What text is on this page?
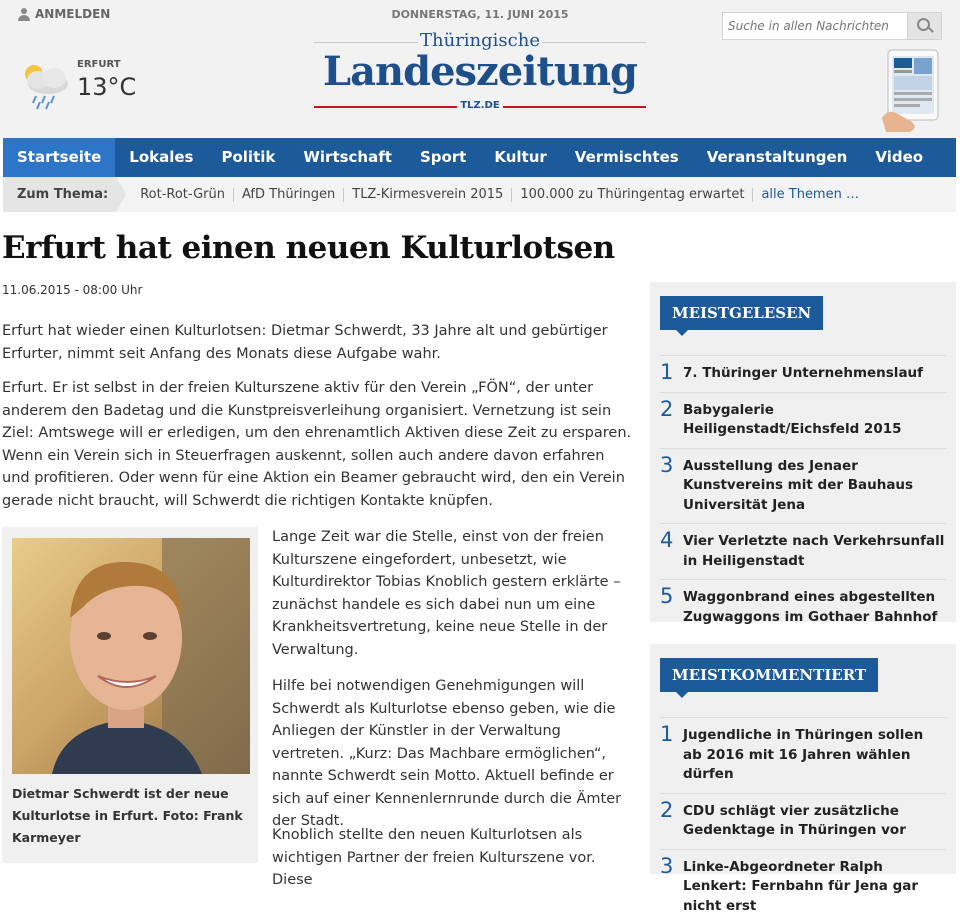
ANMELDEN	DONNERSTAG, 11. JUNI 2015
ERFURT
13°C
Thüringische
Landeszeitung
TLZ.DE
Suche in allen Nachrichten
Startseite	Lokales	Politik	Wirtschaft	Sport	Kultur	Vermischtes	Veranstaltungen	Video
Zum Thema:	Rot-Rot-Grün	AfD Thüringen	TLZ-Kirmesverein 2015	100.000 zu Thüringentag erwartet	alle Themen …
Erfurt hat einen neuen Kulturlotsen
11.06.2015 - 08:00 Uhr

Erfurt hat wieder einen Kulturlotsen: Dietmar Schwerdt, 33 Jahre alt und gebürtiger Erfurter, nimmt seit Anfang des Monats diese Aufgabe wahr.

Erfurt. Er ist selbst in der freien Kulturszene aktiv für den Verein „FÖN“, der unter anderem den Badetag und die Kunstpreisverleihung organisiert. Vernetzung ist sein Ziel: Amtswege will er erledigen, um den ehrenamtlich Aktiven diese Zeit zu ersparen. Wenn ein Verein sich in Steuerfragen auskennt, sollen auch andere davon erfahren und profitieren. Oder wenn für eine Aktion ein Beamer gebraucht wird, den ein Verein gerade nicht braucht, will Schwerdt die richtigen Kontakte knüpfen.

Dietmar Schwerdt ist der neue Kulturlotse in Erfurt. Foto: Frank Karmeyer

Lange Zeit war die Stelle, einst von der freien Kulturszene eingefordert, unbesetzt, wie Kulturdirektor Tobias Knoblich gestern erklärte – zunächst handele es sich dabei nun um eine Krankheitsvertretung, keine neue Stelle in der Verwaltung.

Hilfe bei notwendigen Genehmigungen will Schwerdt als Kulturlotse ebenso geben, wie die Anliegen der Künstler in der Verwaltung vertreten. „Kurz: Das Machbare ermöglichen“, nannte Schwerdt sein Motto. Aktuell befinde er sich auf einer Kennenlernrunde durch die Ämter der Stadt.

Knoblich stellte den neuen Kulturlotsen als wichtigen Partner der freien Kulturszene vor. Diese

MEISTGELESEN
1 7. Thüringer Unternehmenslauf
2 Babygalerie Heiligenstadt/Eichsfeld 2015
3 Ausstellung des Jenaer Kunstvereins mit der Bauhaus Universität Jena
4 Vier Verletzte nach Verkehrsunfall in Heiligenstadt
5 Waggonbrand eines abgestellten Zugwaggons im Gothaer Bahnhof
MEISTKOMMENTIERT
1 Jugendliche in Thüringen sollen ab 2016 mit 16 Jahren wählen dürfen
2 CDU schlägt vier zusätzliche Gedenktage in Thüringen vor
3 Linke-Abgeordneter Ralph Lenkert: Fernbahn für Jena gar nicht erst
